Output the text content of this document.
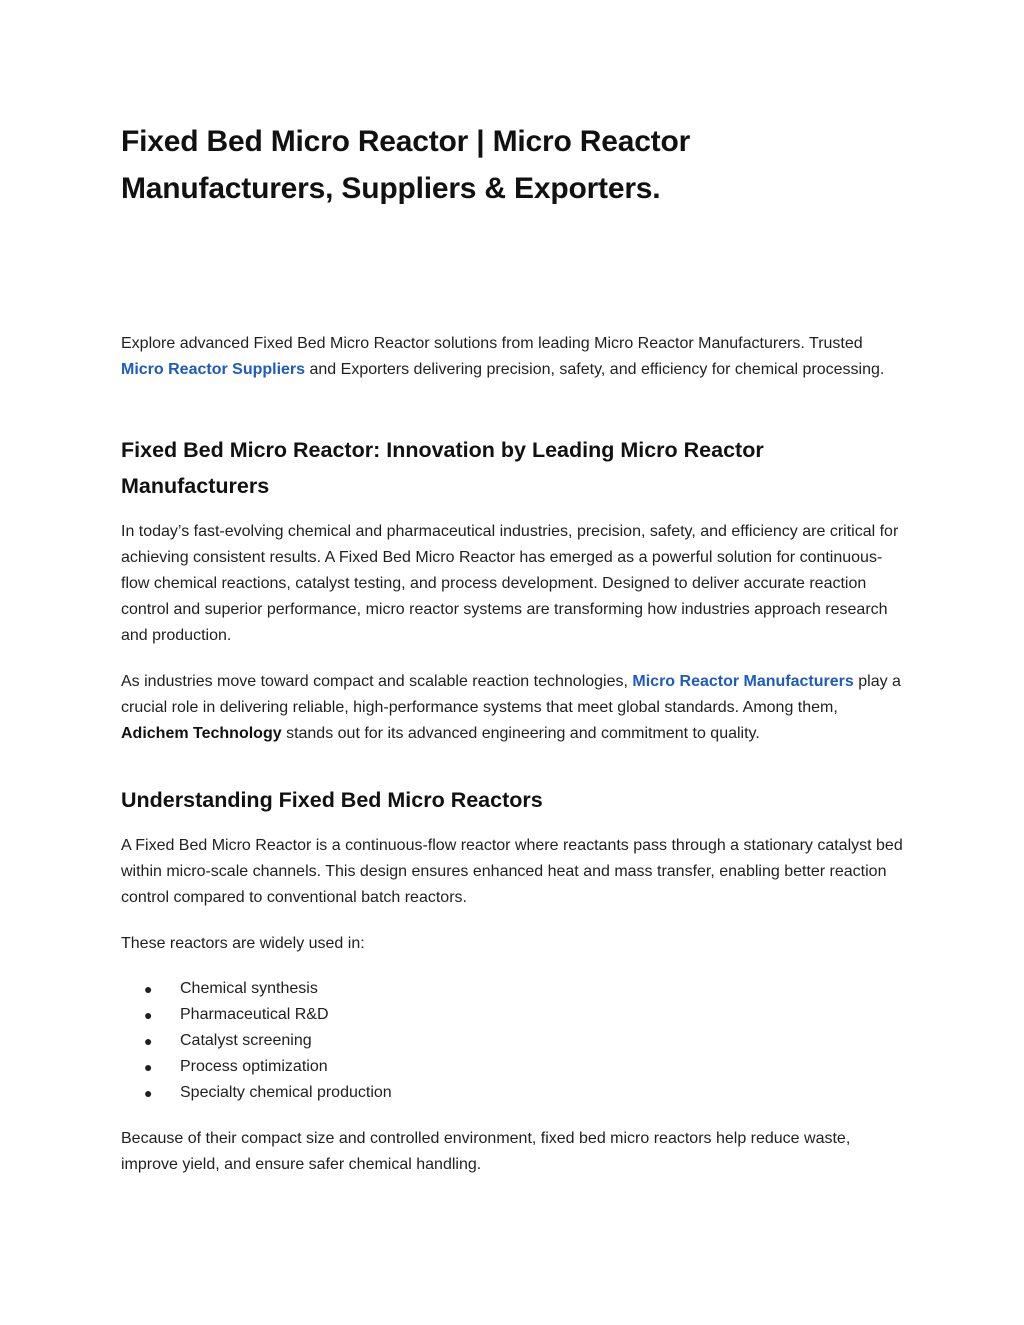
Fixed Bed Micro Reactor | Micro Reactor Manufacturers, Suppliers & Exporters.

Explore advanced Fixed Bed Micro Reactor solutions from leading Micro Reactor Manufacturers. Trusted
Micro Reactor Suppliers and Exporters delivering precision, safety, and efficiency for chemical processing.

Fixed Bed Micro Reactor: Innovation by Leading Micro Reactor Manufacturers

In today’s fast-evolving chemical and pharmaceutical industries, precision, safety, and efficiency are critical for achieving consistent results. A Fixed Bed Micro Reactor has emerged as a powerful solution for continuous-flow chemical reactions, catalyst testing, and process development. Designed to deliver accurate reaction control and superior performance, micro reactor systems are transforming how industries approach research and production.

As industries move toward compact and scalable reaction technologies, Micro Reactor Manufacturers play a crucial role in delivering reliable, high-performance systems that meet global standards. Among them, Adichem Technology stands out for its advanced engineering and commitment to quality.

Understanding Fixed Bed Micro Reactors

A Fixed Bed Micro Reactor is a continuous-flow reactor where reactants pass through a stationary catalyst bed within micro-scale channels. This design ensures enhanced heat and mass transfer, enabling better reaction control compared to conventional batch reactors.

These reactors are widely used in:

● Chemical synthesis
● Pharmaceutical R&D
● Catalyst screening
● Process optimization
● Specialty chemical production

Because of their compact size and controlled environment, fixed bed micro reactors help reduce waste, improve yield, and ensure safer chemical handling.
